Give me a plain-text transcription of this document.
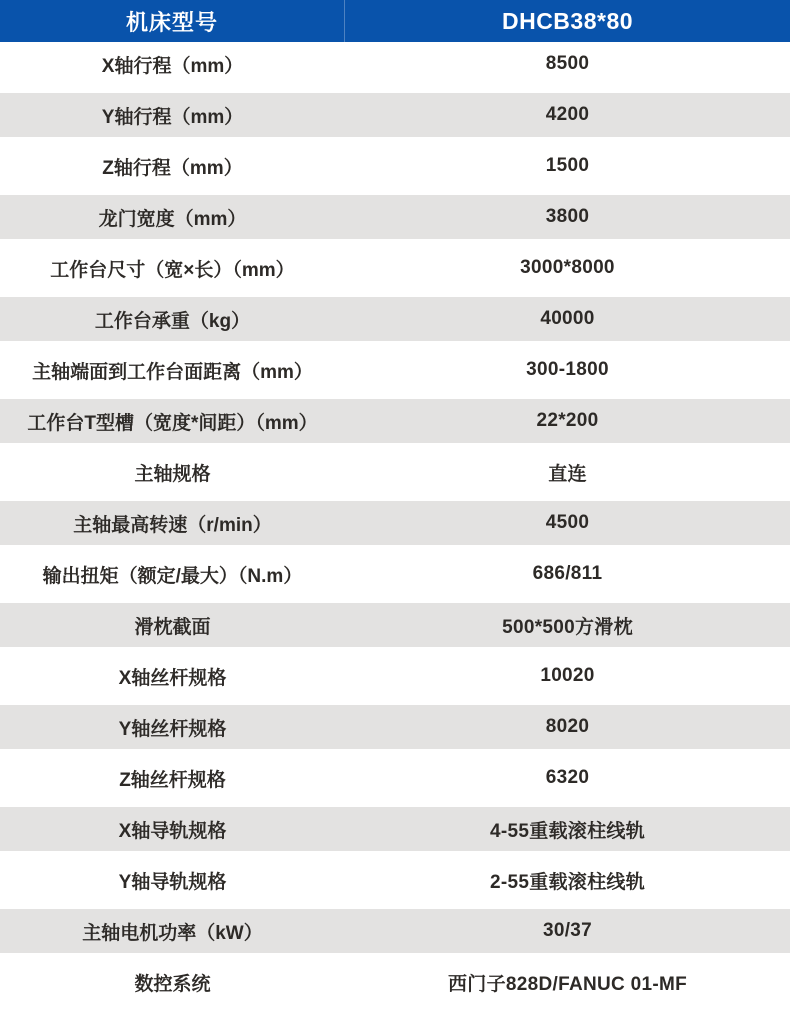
机床型号	DHCB38*80
X轴行程（mm）	8500
Y轴行程（mm）	4200
Z轴行程（mm）	1500
龙门宽度（mm）	3800
工作台尺寸（宽×长）（mm）	3000*8000
工作台承重（kg）	40000
主轴端面到工作台面距离（mm）	300-1800
工作台T型槽（宽度*间距）（mm）	22*200
主轴规格	直连
主轴最高转速（r/min）	4500
输出扭矩（额定/最大）（N.m）	686/811
滑枕截面	500*500方滑枕
X轴丝杆规格	10020
Y轴丝杆规格	8020
Z轴丝杆规格	6320
X轴导轨规格	4-55重载滚柱线轨
Y轴导轨规格	2-55重载滚柱线轨
主轴电机功率（kW）	30/37
数控系统	西门子828D/FANUC 01-MF
